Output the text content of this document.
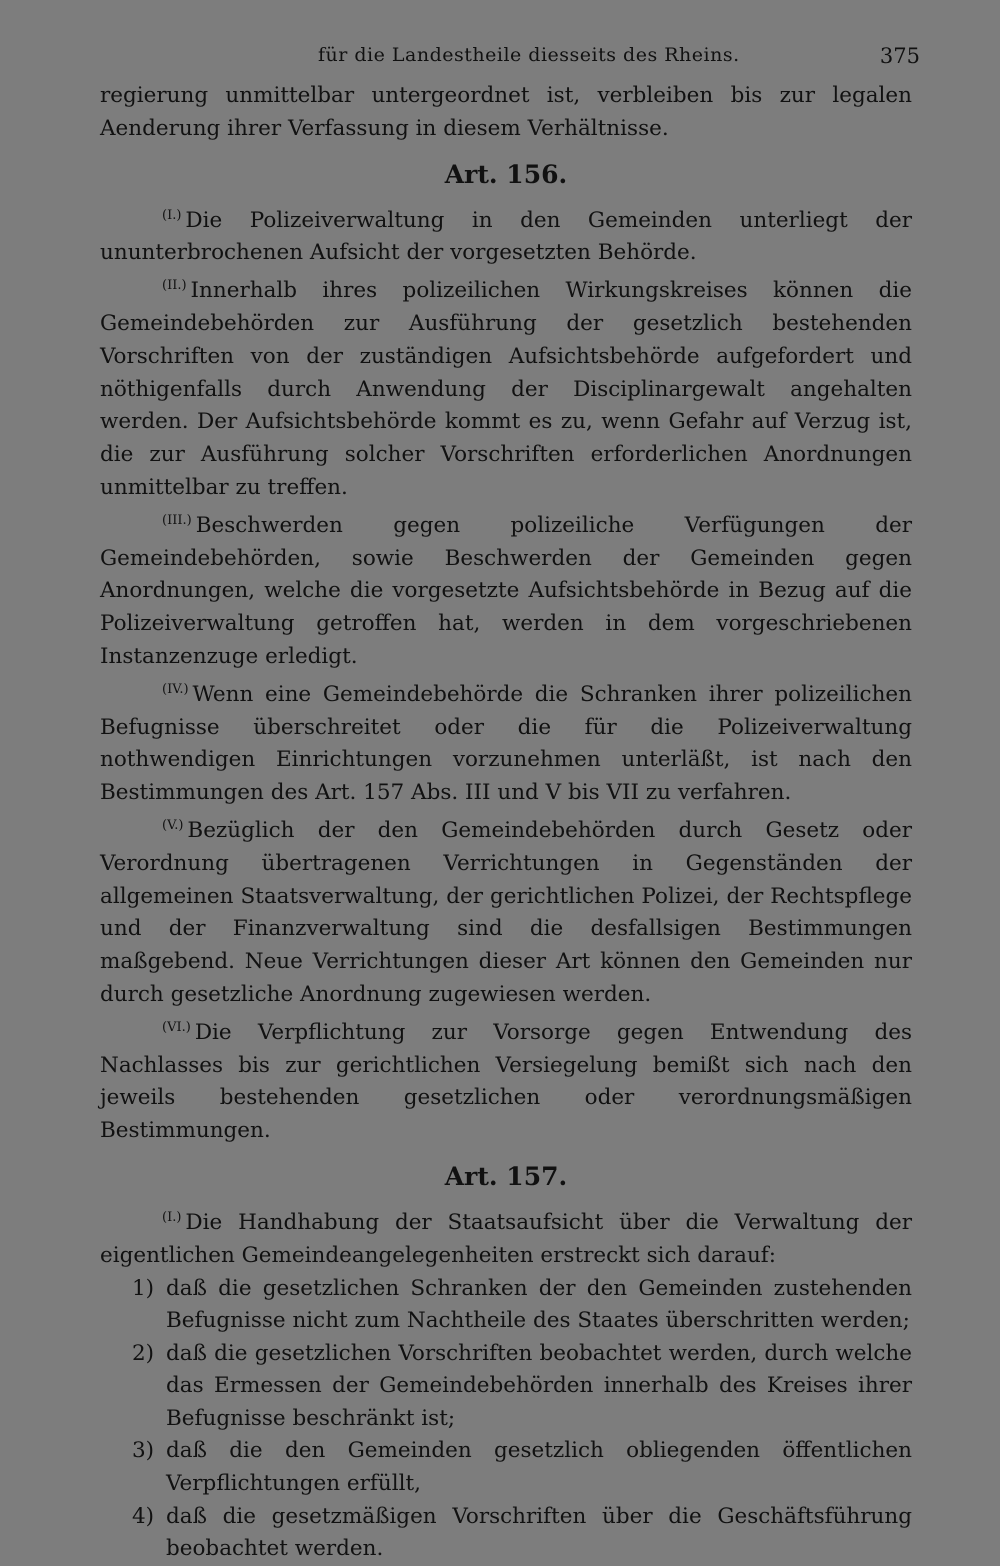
für die Landestheile diesseits des Rheins.	375

regierung unmittelbar untergeordnet ist, verbleiben bis zur legalen Aenderung ihrer Verfassung in diesem Verhältnisse.

Art. 156.

$^{(I.)}$ Die Polizeiverwaltung in den Gemeinden unterliegt der ununterbrochenen Aufsicht der vorgesetzten Behörde.

$^{(II.)}$ Innerhalb ihres polizeilichen Wirkungskreises können die Gemeindebehörden zur Ausführung der gesetzlich bestehenden Vorschriften von der zuständigen Aufsichtsbehörde aufgefordert und nöthigenfalls durch Anwendung der Disciplinargewalt angehalten werden. Der Aufsichtsbehörde kommt es zu, wenn Gefahr auf Verzug ist, die zur Ausführung solcher Vorschriften erforderlichen Anordnungen unmittelbar zu treffen.

$^{(III.)}$ Beschwerden gegen polizeiliche Verfügungen der Gemeindebehörden, sowie Beschwerden der Gemeinden gegen Anordnungen, welche die vorgesetzte Aufsichtsbehörde in Bezug auf die Polizeiverwaltung getroffen hat, werden in dem vorgeschriebenen Instanzenzuge erledigt.

$^{(IV.)}$ Wenn eine Gemeindebehörde die Schranken ihrer polizeilichen Befugnisse überschreitet oder die für die Polizeiverwaltung nothwendigen Einrichtungen vorzunehmen unterläßt, ist nach den Bestimmungen des Art. 157 Abs. III und V bis VII zu verfahren.

$^{(V.)}$ Bezüglich der den Gemeindebehörden durch Gesetz oder Verordnung übertragenen Verrichtungen in Gegenständen der allgemeinen Staatsverwaltung, der gerichtlichen Polizei, der Rechtspflege und der Finanzverwaltung sind die desfallsigen Bestimmungen maßgebend. Neue Verrichtungen dieser Art können den Gemeinden nur durch gesetzliche Anordnung zugewiesen werden.

$^{(VI.)}$ Die Verpflichtung zur Vorsorge gegen Entwendung des Nachlasses bis zur gerichtlichen Versiegelung bemißt sich nach den jeweils bestehenden gesetzlichen oder verordnungsmäßigen Bestimmungen.

Art. 157.

$^{(I.)}$ Die Handhabung der Staatsaufsicht über die Verwaltung der eigentlichen Gemeindeangelegenheiten erstreckt sich darauf:

1) daß die gesetzlichen Schranken der den Gemeinden zustehenden Befugnisse nicht zum Nachtheile des Staates überschritten werden;
2) daß die gesetzlichen Vorschriften beobachtet werden, durch welche das Ermessen der Gemeindebehörden innerhalb des Kreises ihrer Befugnisse beschränkt ist;
3) daß die den Gemeinden gesetzlich obliegenden öffentlichen Verpflichtungen erfüllt,
4) daß die gesetzmäßigen Vorschriften über die Geschäftsführung beobachtet werden.
